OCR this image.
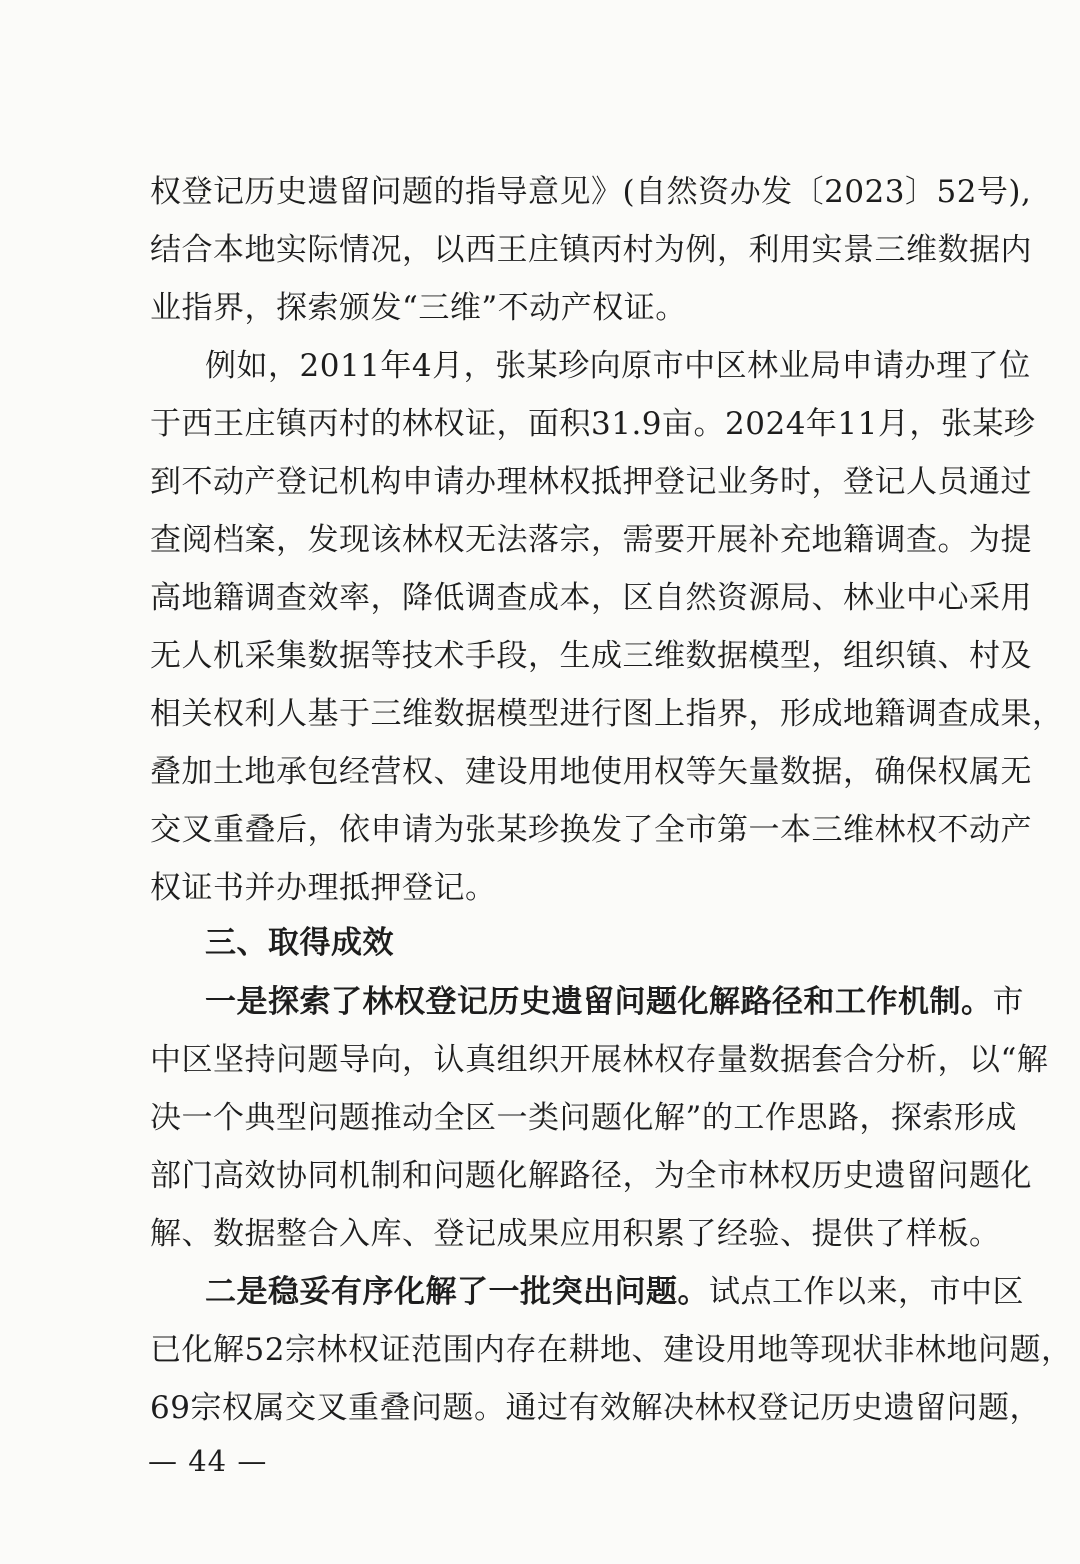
权登记历史遗留问题的指导意见》(自然资办发〔2023〕52号),
结合本地实际情况，以西王庄镇丙村为例，利用实景三维数据内
业指界，探索颁发“三维”不动产权证。
例如，2011年4月，张某珍向原市中区林业局申请办理了位
于西王庄镇丙村的林权证，面积31.9亩。2024年11月，张某珍
到不动产登记机构申请办理林权抵押登记业务时，登记人员通过
查阅档案，发现该林权无法落宗，需要开展补充地籍调查。为提
高地籍调查效率，降低调查成本，区自然资源局、林业中心采用
无人机采集数据等技术手段，生成三维数据模型，组织镇、村及
相关权利人基于三维数据模型进行图上指界，形成地籍调查成果，
叠加土地承包经营权、建设用地使用权等矢量数据，确保权属无
交叉重叠后，依申请为张某珍换发了全市第一本三维林权不动产
权证书并办理抵押登记。
三、取得成效
一是探索了林权登记历史遗留问题化解路径和工作机制。市
中区坚持问题导向，认真组织开展林权存量数据套合分析，以“解
决一个典型问题推动全区一类问题化解”的工作思路，探索形成
部门高效协同机制和问题化解路径，为全市林权历史遗留问题化
解、数据整合入库、登记成果应用积累了经验、提供了样板。
二是稳妥有序化解了一批突出问题。试点工作以来，市中区
已化解52宗林权证范围内存在耕地、建设用地等现状非林地问题，
69宗权属交叉重叠问题。通过有效解决林权登记历史遗留问题，
— 44 —
